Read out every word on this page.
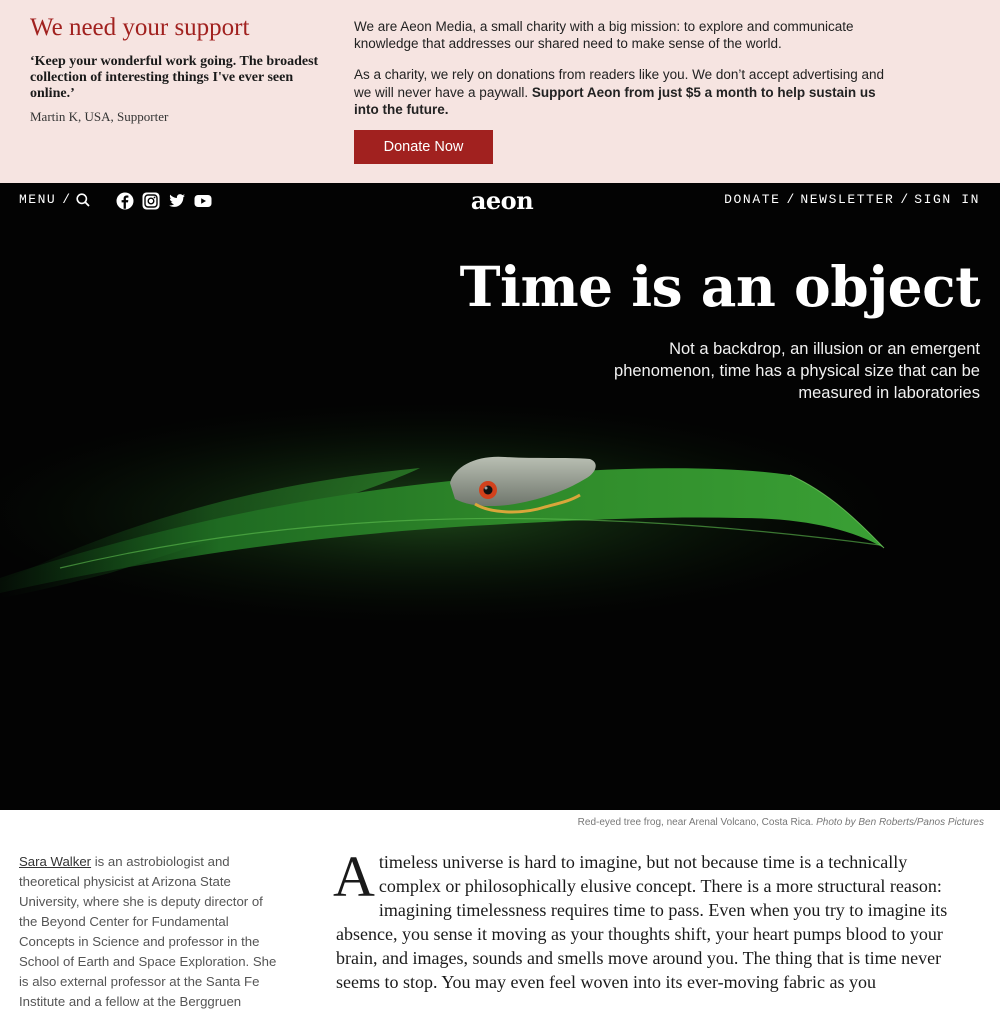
We need your support

‘Keep your wonderful work going. The broadest collection of interesting things I've ever seen online.’

Martin K, USA, Supporter

We are Aeon Media, a small charity with a big mission: to explore and communicate knowledge that addresses our shared need to make sense of the world.

As a charity, we rely on donations from readers like you. We don’t accept advertising and we will never have a paywall. Support Aeon from just $5 a month to help sustain us into the future.

Donate Now
MENU /	aeon	DONATE / NEWSLETTER / SIGN IN
Time is an object

Not a backdrop, an illusion or an emergent phenomenon, time has a physical size that can be measured in laboratories

Red-eyed tree frog, near Arenal Volcano, Costa Rica. Photo by Ben Roberts/Panos Pictures

Sara Walker is an astrobiologist and theoretical physicist at Arizona State University, where she is deputy director of the Beyond Center for Fundamental Concepts in Science and professor in the School of Earth and Space Exploration. She is also external professor at the Santa Fe Institute and a fellow at the Berggruen

A timeless universe is hard to imagine, but not because time is a technically complex or philosophically elusive concept. There is a more structural reason: imagining timelessness requires time to pass. Even when you try to imagine its absence, you sense it moving as your thoughts shift, your heart pumps blood to your brain, and images, sounds and smells move around you. The thing that is time never seems to stop. You may even feel woven into its ever-moving fabric as you
